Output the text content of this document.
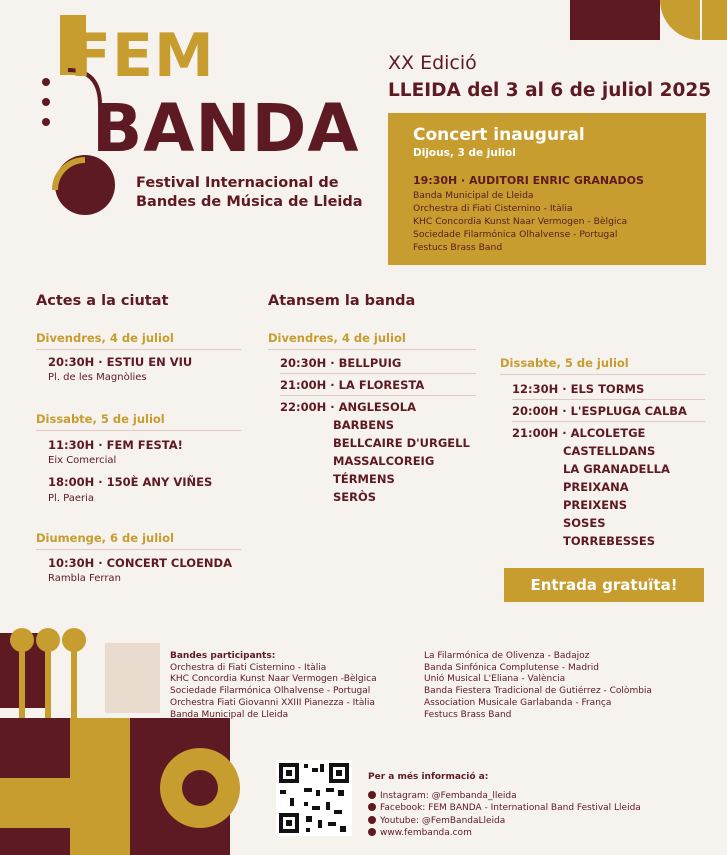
FEM
BANDA
Festival Internacional de
Bandes de Música de Lleida
XX Edició
LLEIDA del 3 al 6 de juliol 2025
Concert inaugural
Dijous, 3 de juliol
19:30H · AUDITORI ENRIC GRANADOS
Banda Municipal de Lleida
Orchestra di Fiati Cisternino - Itàlia
KHC Concordia Kunst Naar Vermogen - Bèlgica
Sociedade Filarmónica Olhalvense - Portugal
Festucs Brass Band
Actes a la ciutat
Divendres, 4 de juliol
20:30H · ESTIU EN VIU
Pl. de les Magnòlies
Dissabte, 5 de juliol
11:30H · FEM FESTA!
Eix Comercial
18:00H · 150È ANY VIÑES
Pl. Paeria
Diumenge, 6 de juliol
10:30H · CONCERT CLOENDA
Rambla Ferran
Atansem la banda
Divendres, 4 de juliol
20:30H · BELLPUIG
21:00H · LA FLORESTA
22:00H · ANGLESOLA
BARBENS
BELLCAIRE D'URGELL
MASSALCOREIG
TÉRMENS
SERÒS
Dissabte, 5 de juliol
12:30H · ELS TORMS
20:00H · L'ESPLUGA CALBA
21:00H · ALCOLETGE
CASTELLDANS
LA GRANADELLA
PREIXANA
PREIXENS
SOSES
TORREBESSES
Entrada gratuïta!
Bandes participants:
Orchestra di Fiati Cisternino - Itàlia
KHC Concordia Kunst Naar Vermogen -Bèlgica
Sociedade Filarmónica Olhalvense - Portugal
Orchestra Fiati Giovanni XXIII Pianezza - Itàlia
Banda Municipal de Lleida
La Filarmónica de Olivenza - Badajoz
Banda Sinfónica Complutense - Madrid
Unió Musical L'Eliana - València
Banda Fiestera Tradicional de Gutiérrez - Colòmbia
Association Musicale Garlabanda - França
Festucs Brass Band
Per a més informació a:
Instagram: @Fembanda_lleida
Facebook: FEM BANDA - International Band Festival Lleida
Youtube: @FemBandaLleida
www.fembanda.com
